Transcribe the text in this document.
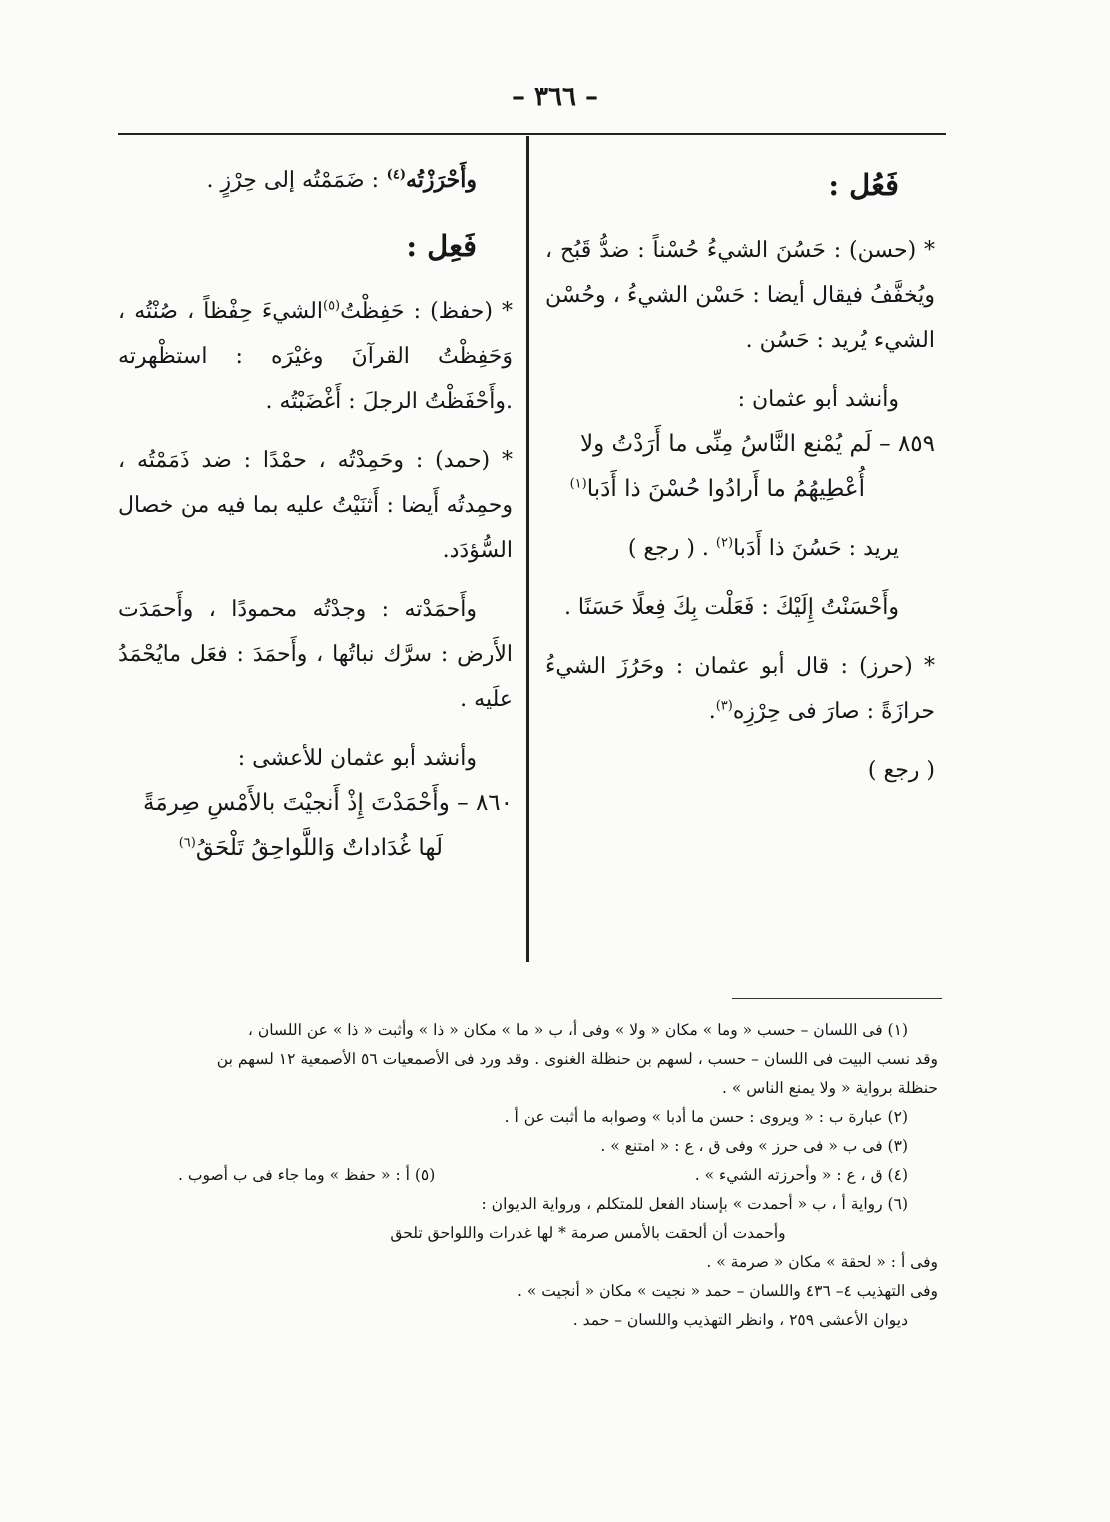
– ٣٦٦ –

فَعُل :

* (حسن) : حَسُنَ الشيءُ حُسْناً : ضدُّ قَبُح ، ويُخفَّفُ فيقال أيضا : حَسْن الشيءُ ، وحُسْن الشيء يُريد : حَسُن .

وأنشد أبو عثمان :

٨٥٩ – لَم يُمْنع النَّاسُ مِنِّى ما أَرَدْتُ ولا
أُعْطِيهُمُ ما أَرادُوا حُسْنَ ذا أَدَبا$^{(١)}$

يريد : حَسُنَ ذا أَدَبا$^{(٢)}$ . ( رجع )

وأَحْسَنْتُ إِلَيْكَ : فَعَلْت بِكَ فِعلًا حَسَنًا .

* (حرز) : قال أبو عثمان : وحَرُزَ الشيءُ حرازَةً : صارَ فى حِرْزِه$^{(٣)}$.

( رجع )

وأَحْرَزْتُه$^{(٤)}$ : ضَمَمْتُه إلى حِرْزٍ .

فَعِل :

* (حفظ) : حَفِظْتُ$^{(٥)}$الشيءَ حِفْظاً ، صُنْتُه ، وَحَفِظْتُ القرآنَ وغيْرَه : استظْهرته .وأَحْفَظْتُ الرجلَ : أَغْضَبْتُه .

* (حمد) : وحَمِدْتُه ، حمْدًا : ضد ذَمَمْتُه ، وحمِدتُه أَيضا : أَثنَيْتُ عليه بما فيه من خصال السُّؤدَد.

وأَحمَدْته : وجدْتُه محمودًا ، وأَحمَدَت الأَرض : سرَّك نباتُها ، وأَحمَدَ : فعَل مايُحْمَدُ علَيه .

وأنشد أبو عثمان للأعشى :

٨٦٠ – وأَحْمَدْتَ إِذْ أَنجيْتَ بالأَمْسِ صِرمَةً
لَها غُدَاداتٌ وَاللَّواحِقُ تَلْحَقُ$^{(٦)}$

(١) فى اللسان – حسب « وما » مكان « ولا » وفى أ، ب « ما » مكان « ذا » وأثبت « ذا » عن اللسان ،

وقد نسب البيت فى اللسان – حسب ، لسهم بن حنظلة الغنوى . وقد ورد فى الأصمعيات ٥٦ الأصمعية ١٢ لسهم بن

حنظلة برواية « ولا يمنع الناس » .

(٢) عبارة ب : « ويروى : حسن ما أدبا » وصوابه ما أثبت عن أ .

(٣) فى ب « فى حرز » وفى ق ، ع : « امتنع » .

(٤) ق ، ع : « وأحرزته الشيء » .
(٥) أ : « حفظ » وما جاء فى ب أصوب .

(٦) رواية أ ، ب « أحمدت » بإسناد الفعل للمتكلم ، ورواية الديوان :

وأحمدت أن ألحقت بالأمس صرمة * لها غدرات واللواحق تلحق

وفى أ : « لحقة » مكان « صرمة » .

وفى التهذيب ٤– ٤٣٦ واللسان – حمد « نجيت » مكان « أنجيت » .

ديوان الأعشى ٢٥٩ ، وانظر التهذيب واللسان – حمد .
